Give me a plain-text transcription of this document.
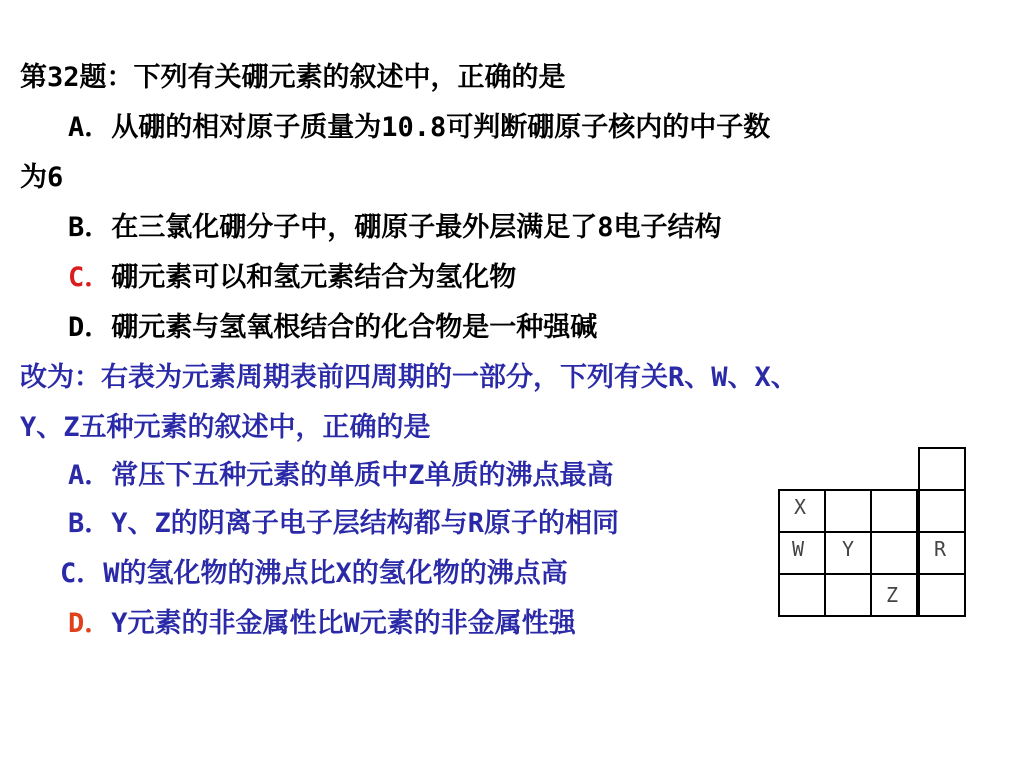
第32题：下列有关硼元素的叙述中，正确的是
A．从硼的相对原子质量为10.8可判断硼原子核内的中子数
为6
B．在三氯化硼分子中，硼原子最外层满足了8电子结构
C．硼元素可以和氢元素结合为氢化物
D．硼元素与氢氧根结合的化合物是一种强碱
改为：右表为元素周期表前四周期的一部分，下列有关R、W、X、
Y、Z五种元素的叙述中，正确的是
A．常压下五种元素的单质中Z单质的沸点最高
B．Y、Z的阴离子电子层结构都与R原子的相同
C．W的氢化物的沸点比X的氢化物的沸点高
D．Y元素的非金属性比W元素的非金属性强
X
W Y	R
Z
